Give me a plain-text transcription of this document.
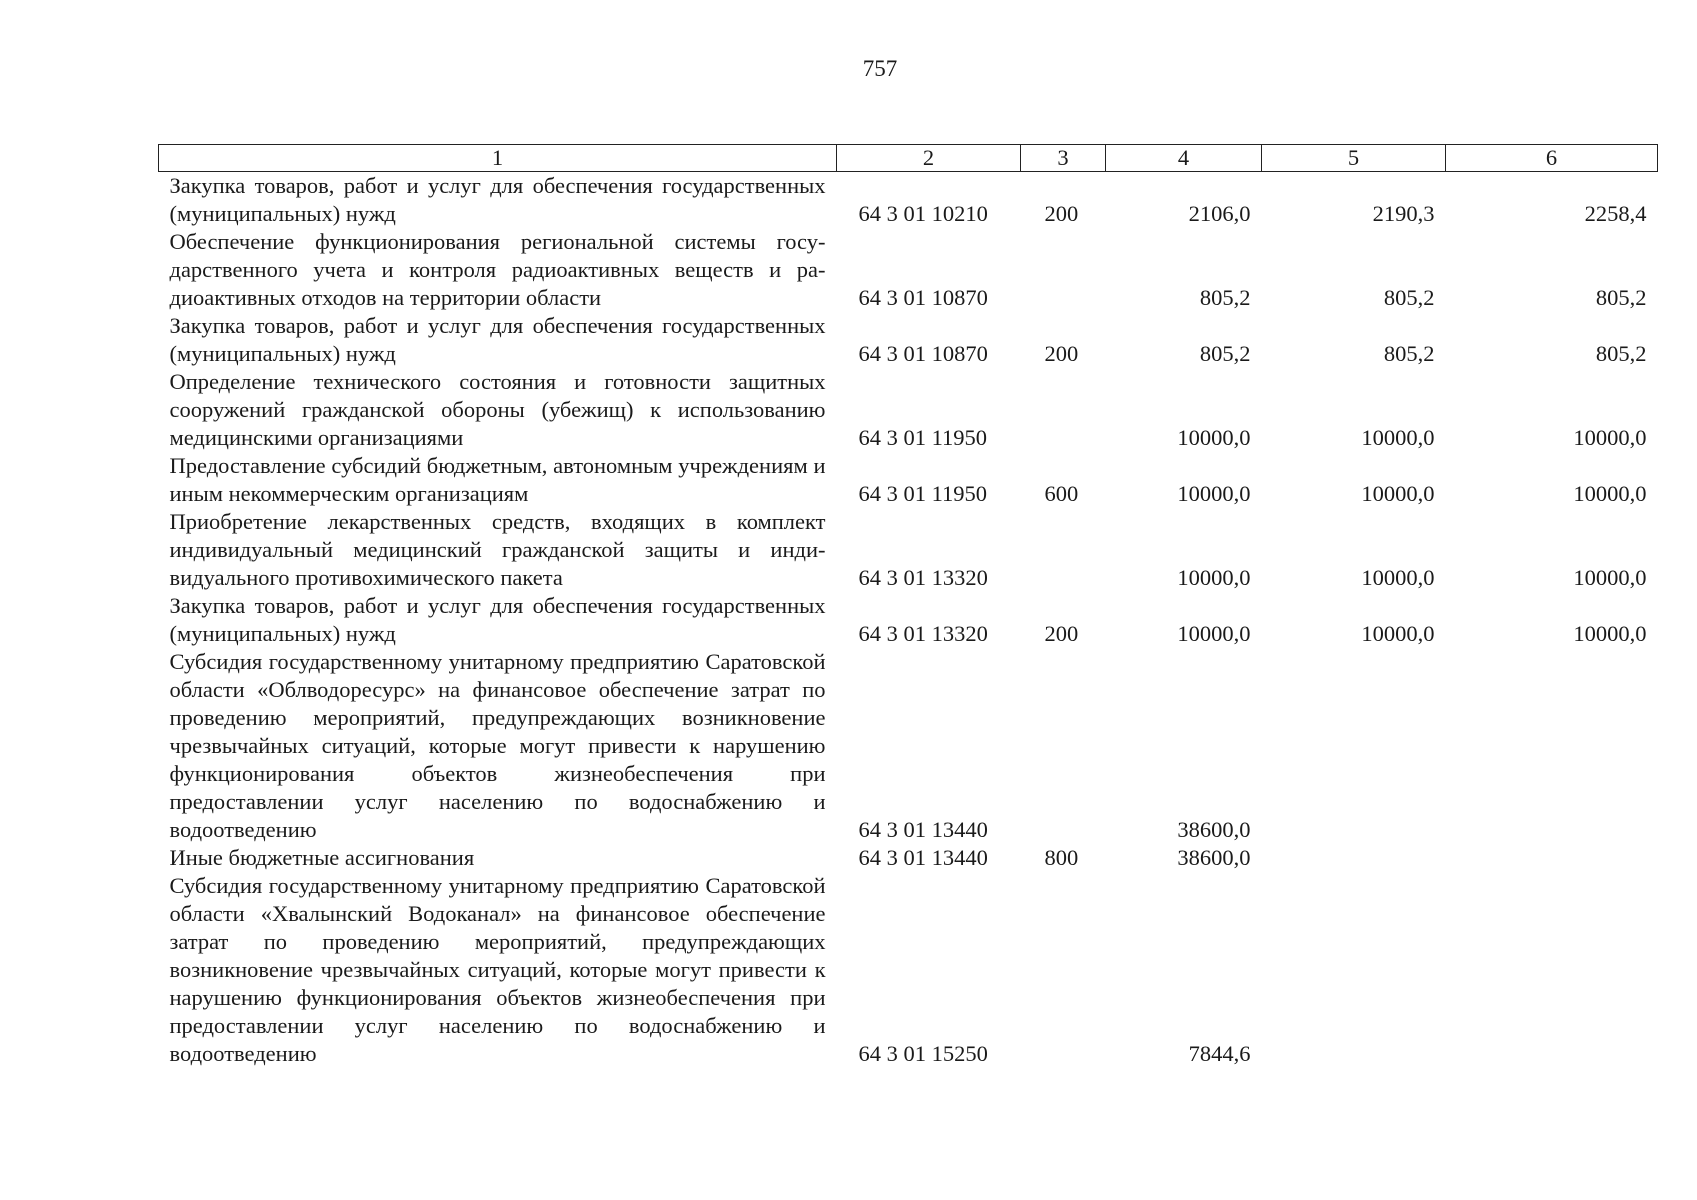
757
1	2	3	4	5	6
Закупка товаров, работ и услуг для обеспечения государственных (муниципальных) нужд	64 3 01 10210	200	2106,0	2190,3	2258,4
Обеспечение функционирования региональной системы государственного учета и контроля радиоактивных веществ и радиоактивных отходов на территории области	64 3 01 10870		805,2	805,2	805,2
Закупка товаров, работ и услуг для обеспечения государственных (муниципальных) нужд	64 3 01 10870	200	805,2	805,2	805,2
Определение технического состояния и готовности защитных сооружений гражданской обороны (убежищ) к использованию медицинскими организациями	64 3 01 11950		10000,0	10000,0	10000,0
Предоставление субсидий бюджетным, автономным учреждениям и иным некоммерческим организациям	64 3 01 11950	600	10000,0	10000,0	10000,0
Приобретение лекарственных средств, входящих в комплект индивидуальный медицинский гражданской защиты и индивидуального противохимического пакета	64 3 01 13320		10000,0	10000,0	10000,0
Закупка товаров, работ и услуг для обеспечения государственных (муниципальных) нужд	64 3 01 13320	200	10000,0	10000,0	10000,0
Субсидия государственному унитарному предприятию Саратовской области «Облводоресурс» на финансовое обеспечение затрат по проведению мероприятий, предупреждающих возникновение чрезвычайных ситуаций, которые могут привести к нарушению функционирования объектов жизнеобеспечения при предоставлении услуг населению по водоснабжению и водоотведению	64 3 01 13440		38600,0		
Иные бюджетные ассигнования	64 3 01 13440	800	38600,0		
Субсидия государственному унитарному предприятию Саратовской области «Хвалынский Водоканал» на финансовое обеспечение затрат по проведению мероприятий, предупреждающих возникновение чрезвычайных ситуаций, которые могут привести к нарушению функционирования объектов жизнеобеспечения при предоставлении услуг населению по водоснабжению и водоотведению	64 3 01 15250		7844,6		
